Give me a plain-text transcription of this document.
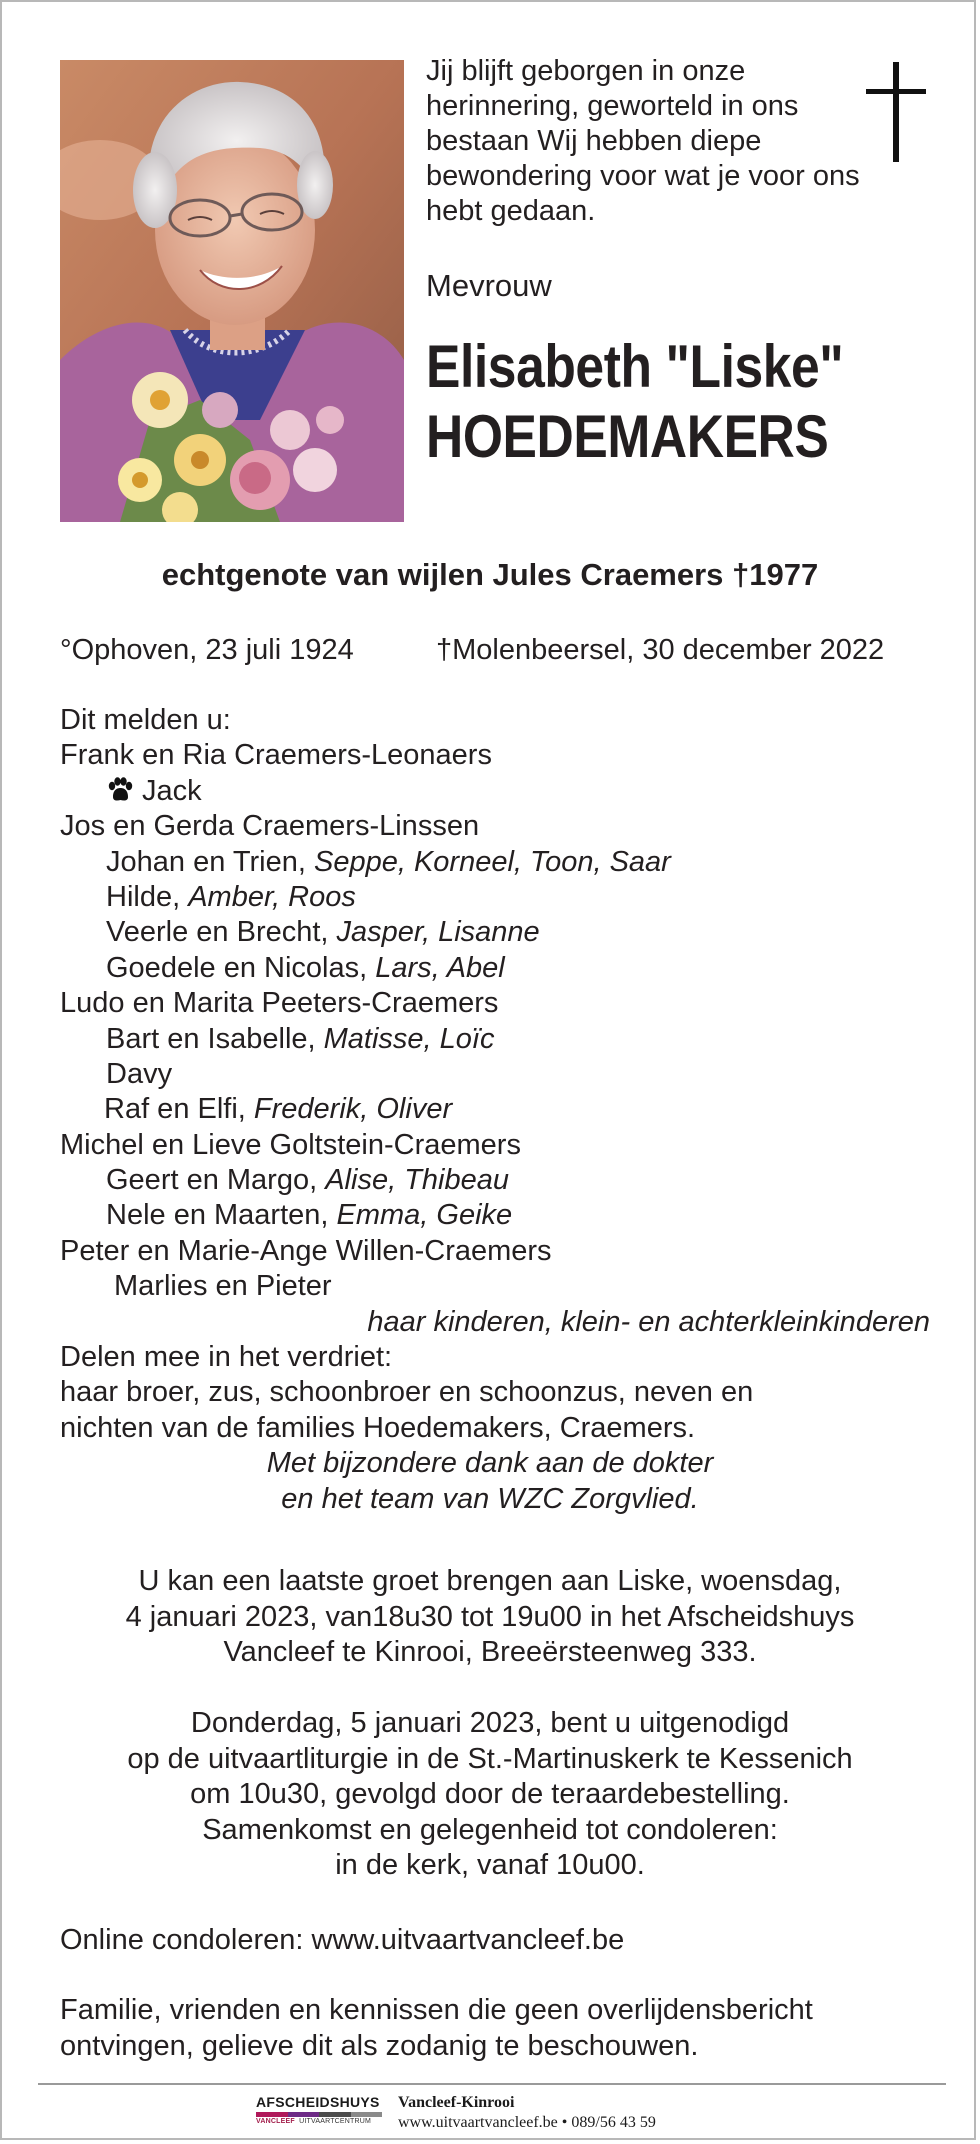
Jij blijft geborgen in onze
herinnering, geworteld in ons
bestaan Wij hebben diepe
bewondering voor wat je voor ons
hebt gedaan.
Mevrouw
Elisabeth "Liske"
HOEDEMAKERS
echtgenote van wijlen Jules Craemers †1977
°Ophoven, 23 juli 1924	†Molenbeersel, 30 december 2022
Dit melden u:
Frank en Ria Craemers-Leonaers
Jack
Jos en Gerda Craemers-Linssen
Johan en Trien, Seppe, Korneel, Toon, Saar
Hilde, Amber, Roos
Veerle en Brecht, Jasper, Lisanne
Goedele en Nicolas, Lars, Abel
Ludo en Marita Peeters-Craemers
Bart en Isabelle, Matisse, Loïc
Davy
Raf en Elfi, Frederik, Oliver
Michel en Lieve Goltstein-Craemers
Geert en Margo, Alise, Thibeau
Nele en Maarten, Emma, Geike
Peter en Marie-Ange Willen-Craemers
Marlies en Pieter
haar kinderen, klein- en achterkleinkinderen
Delen mee in het verdriet:
haar broer, zus, schoonbroer en schoonzus, neven en
nichten van de families Hoedemakers, Craemers.
Met bijzondere dank aan de dokter
en het team van WZC Zorgvlied.
U kan een laatste groet brengen aan Liske, woensdag,
4 januari 2023, van18u30 tot 19u00 in het Afscheidshuys
Vancleef te Kinrooi, Breeërsteenweg 333.
Donderdag, 5 januari 2023, bent u uitgenodigd
op de uitvaartliturgie in de St.-Martinuskerk te Kessenich
om 10u30, gevolgd door de teraardebestelling.
Samenkomst en gelegenheid tot condoleren:
in de kerk, vanaf 10u00.
Online condoleren: www.uitvaartvancleef.be
Familie, vrienden en kennissen die geen overlijdensbericht
ontvingen, gelieve dit als zodanig te beschouwen.
AFSCHEIDSHUYS
VANCLEEF UITVAARTCENTRUM
Vancleef-Kinrooi
www.uitvaartvancleef.be • 089/56 43 59
